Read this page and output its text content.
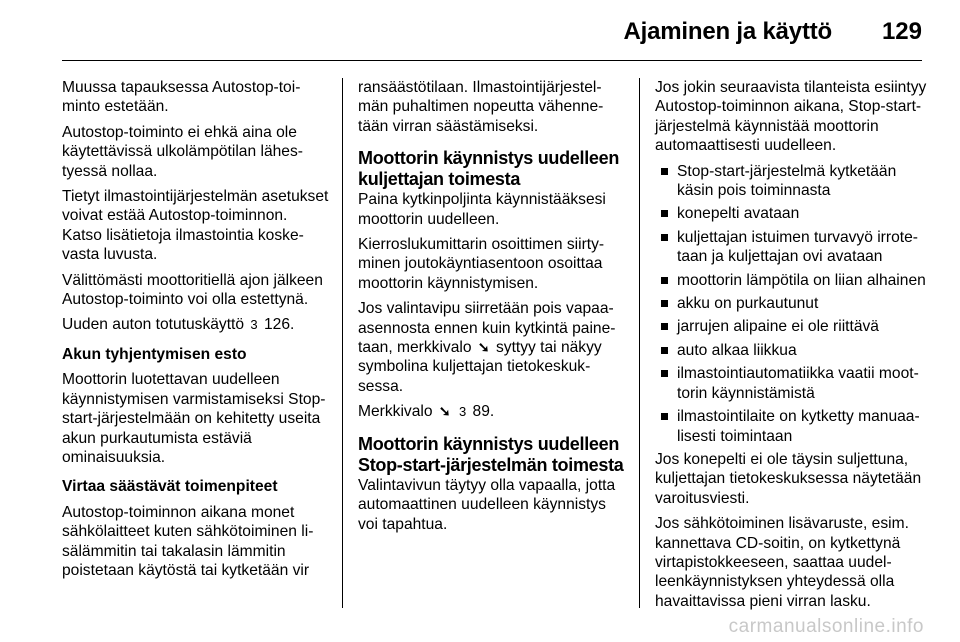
Ajaminen ja käyttö 129

Muussa tapauksessa Autostop-toiminto estetään.

Autostop-toiminto ei ehkä aina ole käytettävissä ulkolämpötilan lähestyessä nollaa.

Tietyt ilmastointijärjestelmän asetukset voivat estää Autostop-toiminnon. Katso lisätietoja ilmastointia koskevasta luvusta.

Välittömästi moottoritiellä ajon jälkeen Autostop-toiminto voi olla estettynä.

Uuden auton totutuskäyttö 3 126.

Akun tyhjentymisen esto

Moottorin luotettavan uudelleen käynnistymisen varmistamiseksi Stop-start-järjestelmään on kehitetty useita akun purkautumista estäviä ominaisuuksia.

Virtaa säästävät toimenpiteet

Autostop-toiminnon aikana monet sähkölaitteet kuten sähkötoiminen lisälämmitin tai takalasin lämmitin poistetaan käytöstä tai kytketään vir

ransäästötilaan. Ilmastointijärjestelmän puhaltimen nopeutta vähennetään virran säästämiseksi.

Moottorin käynnistys uudelleen kuljettajan toimesta

Paina kytkinpoljinta käynnistääksesi moottorin uudelleen.

Kierroslukumittarin osoittimen siirtyminen joutokäyntiasentoon osoittaa moottorin käynnistymisen.

Jos valintavipu siirretään pois vapaaasennosta ennen kuin kytkintä painetaan, merkkivalo ➘ syttyy tai näkyy symbolina kuljettajan tietokeskuksessa.

Merkkivalo ➘ 3 89.

Moottorin käynnistys uudelleen Stop-start-järjestelmän toimesta

Valintavivun täytyy olla vapaalla, jotta automaattinen uudelleen käynnistys voi tapahtua.

Jos jokin seuraavista tilanteista esiintyy Autostop-toiminnon aikana, Stop-start-järjestelmä käynnistää moottorin automaattisesti uudelleen.

Stop-start-järjestelmä kytketään käsin pois toiminnasta
konepelti avataan
kuljettajan istuimen turvavyö irrotetaan ja kuljettajan ovi avataan
moottorin lämpötila on liian alhainen
akku on purkautunut
jarrujen alipaine ei ole riittävä
auto alkaa liikkua
ilmastointiautomatiikka vaatii moottorin käynnistämistä
ilmastointilaite on kytketty manuaalisesti toimintaan

Jos konepelti ei ole täysin suljettuna, kuljettajan tietokeskuksessa näytetään varoitusviesti.

Jos sähkötoiminen lisävaruste, esim. kannettava CD-soitin, on kytkettynä virtapistokkeeseen, saattaa uudelleenkäynnistyksen yhteydessä olla havaittavissa pieni virran lasku.

carmanualsonline.info
